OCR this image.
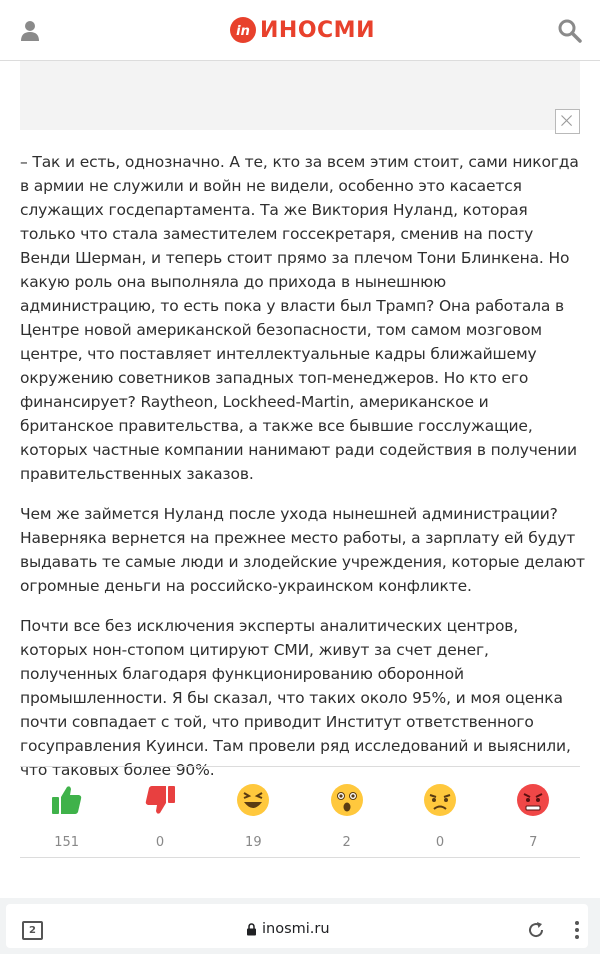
in ИНОСМИ

– Так и есть, однозначно. А те, кто за всем этим стоит, сами никогда в армии не служили и войн не видели, особенно это касается служащих госдепартамента. Та же Виктория Нуланд, которая только что стала заместителем госсекретаря, сменив на посту Венди Шерман, и теперь стоит прямо за плечом Тони Блинкена. Но какую роль она выполняла до прихода в нынешнюю администрацию, то есть пока у власти был Трамп? Она работала в Центре новой американской безопасности, том самом мозговом центре, что поставляет интеллектуальные кадры ближайшему окружению советников западных топ-менеджеров. Но кто его финансирует? Raytheon, Lockheed-Martin, американское и британское правительства, а также все бывшие госслужащие, которых частные компании нанимают ради содействия в получении правительственных заказов.

Чем же займется Нуланд после ухода нынешней администрации? Наверняка вернется на прежнее место работы, а зарплату ей будут выдавать те самые люди и злодейские учреждения, которые делают огромные деньги на российско-украинском конфликте.

Почти все без исключения эксперты аналитических центров, которых нон-стопом цитируют СМИ, живут за счет денег, полученных благодаря функционированию оборонной промышленности. Я бы сказал, что таких около 95%, и моя оценка почти совпадает с той, что приводит Институт ответственного госуправления Куинси. Там провели ряд исследований и выяснили, что таковых более 90%.

151	0	19	2	0	7
2	inosmi.ru
